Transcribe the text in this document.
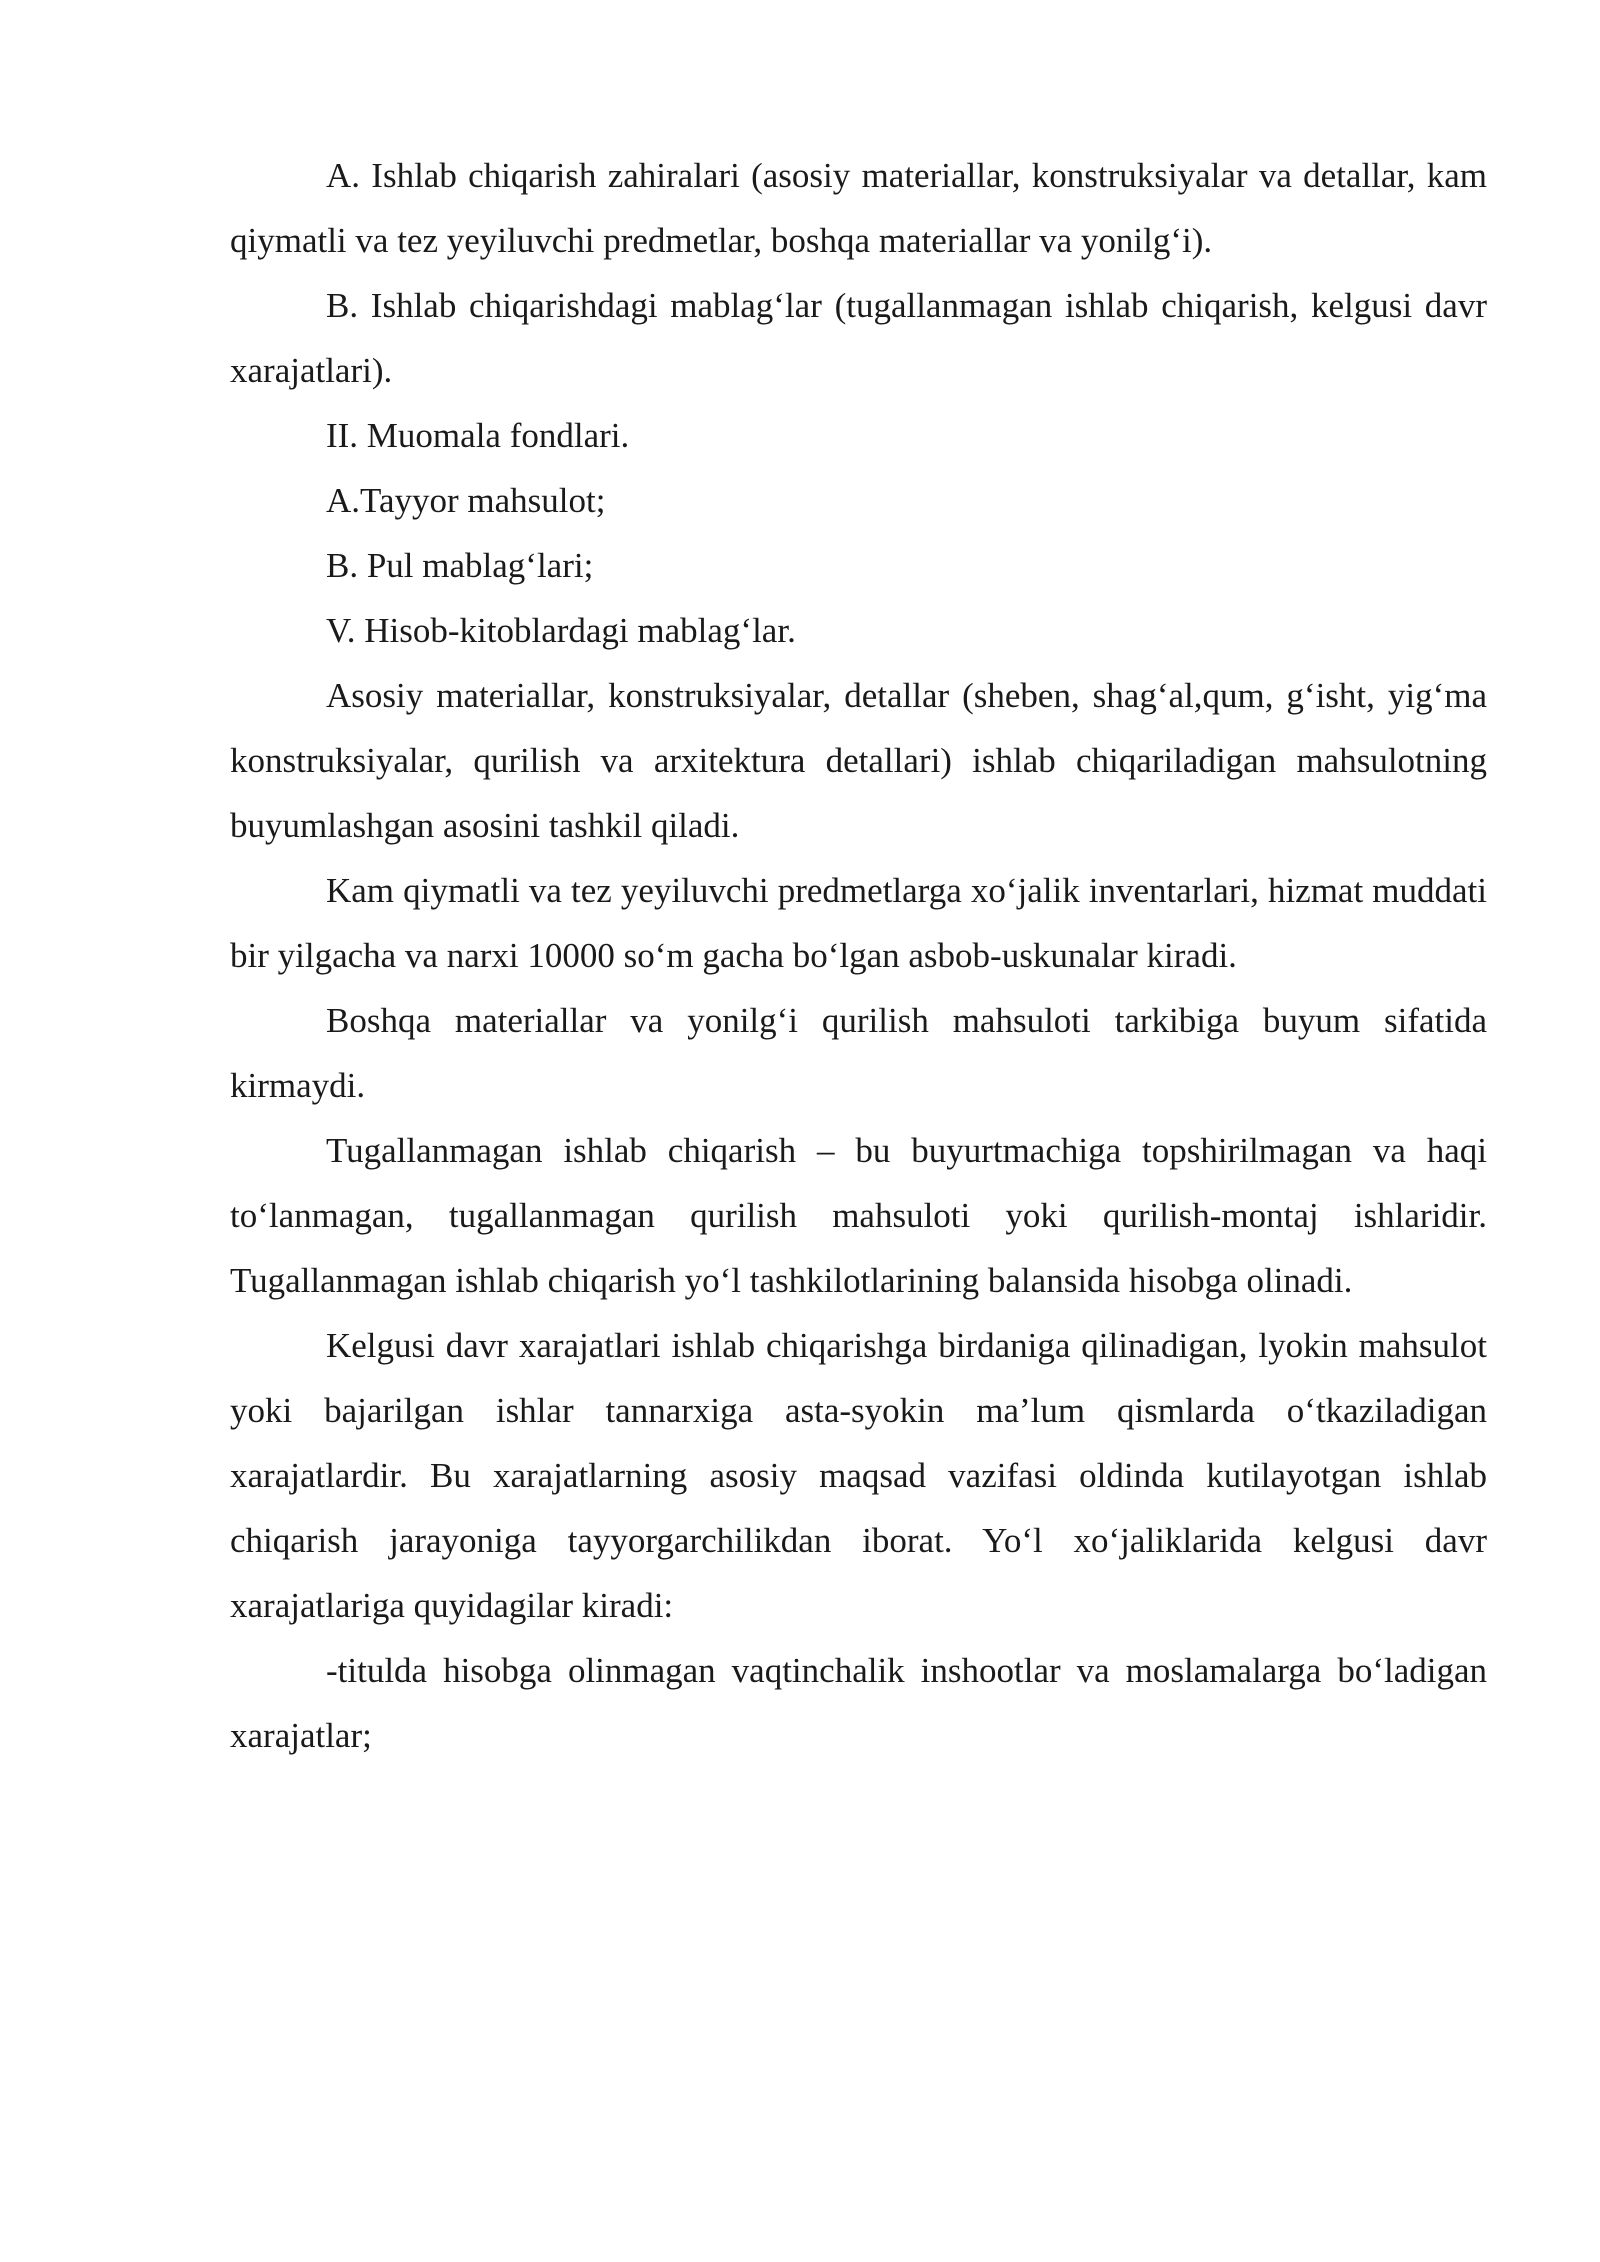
A. Ishlab chiqarish zahiralari (asosiy materiallar, konstruksiyalar va detallar, kam qiymatli va tez yeyiluvchi predmetlar, boshqa materiallar va yonilg‘i).

B. Ishlab chiqarishdagi mablag‘lar (tugallanmagan ishlab chiqarish, kelgusi davr xarajatlari).

II. Muomala fondlari.

A.Tayyor mahsulot;

B. Pul mablag‘lari;

V. Hisob-kitoblardagi mablag‘lar.

Asosiy materiallar, konstruksiyalar, detallar (sheben, shag‘al,qum, g‘isht, yig‘ma konstruksiyalar, qurilish va arxitektura detallari) ishlab chiqariladigan mahsulotning buyumlashgan asosini tashkil qiladi.

Kam qiymatli va tez yeyiluvchi predmetlarga xo‘jalik inventarlari, hizmat muddati bir yilgacha va narxi 10000 so‘m gacha bo‘lgan asbob-uskunalar kiradi.

Boshqa materiallar va yonilg‘i qurilish mahsuloti tarkibiga buyum sifatida kirmaydi.

Tugallanmagan ishlab chiqarish – bu buyurtmachiga topshirilmagan va haqi to‘lanmagan, tugallanmagan qurilish mahsuloti yoki qurilish-montaj ishlaridir. Tugallanmagan ishlab chiqarish yo‘l tashkilotlarining balansida hisobga olinadi.

Kelgusi davr xarajatlari ishlab chiqarishga birdaniga qilinadigan, lyokin mahsulot yoki bajarilgan ishlar tannarxiga asta-syokin ma’lum qismlarda o‘tkaziladigan xarajatlardir. Bu xarajatlarning asosiy maqsad vazifasi oldinda kutilayotgan ishlab chiqarish jarayoniga tayyorgarchilikdan iborat. Yo‘l xo‘jaliklarida kelgusi davr xarajatlariga quyidagilar kiradi:

-titulda hisobga olinmagan vaqtinchalik inshootlar va moslamalarga bo‘ladigan xarajatlar;
